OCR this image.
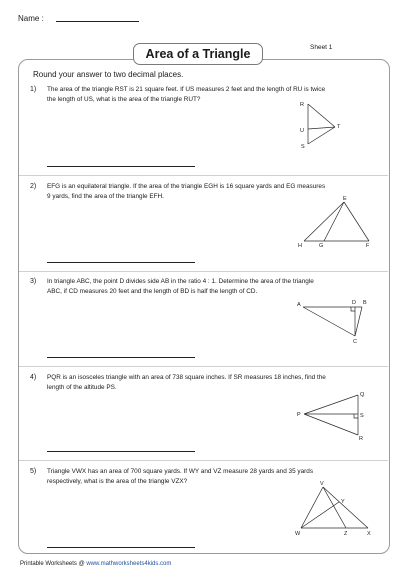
Name :
Sheet 1
Area of a Triangle
Round your answer to two decimal places.
1) The area of the triangle RST is 21 square feet. If US measures 2 feet and the length of RU is twice
the length of US, what is the area of the triangle RUT?
R
T
U
S
2) EFG is an equilateral triangle. If the area of the triangle EGH is 16 square yards and EG measures
9 yards, find the area of the triangle EFH.
H
E
G	F
3) In triangle ABC, the point D divides side AB in the ratio 4 : 1. Determine the area of the triangle
ABC, if CD measures 20 feet and the length of BD is half the length of CD.
A	D B
C
4) PQR is an isosceles triangle with an area of 738 square inches. If SR measures 18 inches, find the
length of the altitude PS.
P
Q
S
R
5) Triangle VWX has an area of 700 square yards. If WY and VZ measure 28 yards and 35 yards
respectively, what is the area of the triangle VZX?	V
Y
W	Z	X
Printable Worksheets @ www.mathworksheets4kids.com
